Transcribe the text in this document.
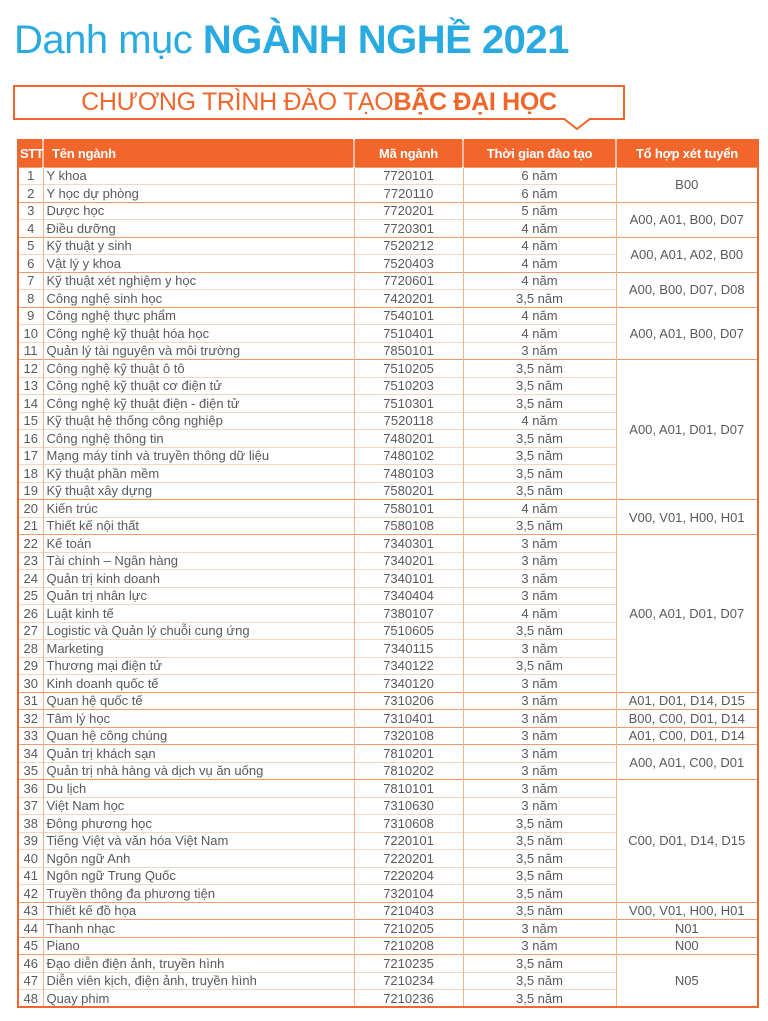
Danh mục NGÀNH NGHỀ 2021
CHƯƠNG TRÌNH ĐÀO TẠO BẬC ĐẠI HỌC
STT	Tên ngành	Mã ngành	Thời gian đào tạo	Tổ hợp xét tuyển
1	Y khoa	7720101	6 năm	B00
2	Y học dự phòng	7720110	6 năm	
3	Dược học	7720201	5 năm	A00, A01, B00, D07
4	Điều dưỡng	7720301	4 năm	
5	Kỹ thuật y sinh	7520212	4 năm	A00, A01, A02, B00
6	Vật lý y khoa	7520403	4 năm	
7	Kỹ thuật xét nghiệm y học	7720601	4 năm	A00, B00, D07, D08
8	Công nghệ sinh học	7420201	3,5 năm	
9	Công nghệ thực phẩm	7540101	4 năm	A00, A01, B00, D07
10	Công nghệ kỹ thuật hóa học	7510401	4 năm	
11	Quản lý tài nguyên và môi trường	7850101	3 năm	
12	Công nghệ kỹ thuật ô tô	7510205	3,5 năm	A00, A01, D01, D07
13	Công nghệ kỹ thuật cơ điện tử	7510203	3,5 năm	
14	Công nghệ kỹ thuật điện - điện tử	7510301	3,5 năm	
15	Kỹ thuật hệ thống công nghiệp	7520118	4 năm	
16	Công nghệ thông tin	7480201	3,5 năm	
17	Mạng máy tính và truyền thông dữ liệu	7480102	3,5 năm	
18	Kỹ thuật phần mềm	7480103	3,5 năm	
19	Kỹ thuật xây dựng	7580201	3,5 năm	
20	Kiến trúc	7580101	4 năm	V00, V01, H00, H01
21	Thiết kế nội thất	7580108	3,5 năm	
22	Kế toán	7340301	3 năm	A00, A01, D01, D07
23	Tài chính – Ngân hàng	7340201	3 năm	
24	Quản trị kinh doanh	7340101	3 năm	
25	Quản trị nhân lực	7340404	3 năm	
26	Luật kinh tế	7380107	4 năm	
27	Logistic và Quản lý chuỗi cung ứng	7510605	3,5 năm	
28	Marketing	7340115	3 năm	
29	Thương mại điện tử	7340122	3,5 năm	
30	Kinh doanh quốc tế	7340120	3 năm	
31	Quan hệ quốc tế	7310206	3 năm	A01, D01, D14, D15
32	Tâm lý học	7310401	3 năm	B00, C00, D01, D14
33	Quan hệ công chúng	7320108	3 năm	A01, C00, D01, D14
34	Quản trị khách sạn	7810201	3 năm	A00, A01, C00, D01
35	Quản trị nhà hàng và dịch vụ ăn uống	7810202	3 năm	
36	Du lịch	7810101	3 năm	C00, D01, D14, D15
37	Việt Nam học	7310630	3 năm	
38	Đông phương học	7310608	3,5 năm	
39	Tiếng Việt và văn hóa Việt Nam	7220101	3,5 năm	
40	Ngôn ngữ Anh	7220201	3,5 năm	
41	Ngôn ngữ Trung Quốc	7220204	3,5 năm	
42	Truyền thông đa phương tiện	7320104	3,5 năm	
43	Thiết kế đồ họa	7210403	3,5 năm	V00, V01, H00, H01
44	Thanh nhạc	7210205	3 năm	N01
45	Piano	7210208	3 năm	N00
46	Đạo diễn điện ảnh, truyền hình	7210235	3,5 năm	N05
47	Diễn viên kịch, điện ảnh, truyền hình	7210234	3,5 năm	
48	Quay phim	7210236	3,5 năm	
